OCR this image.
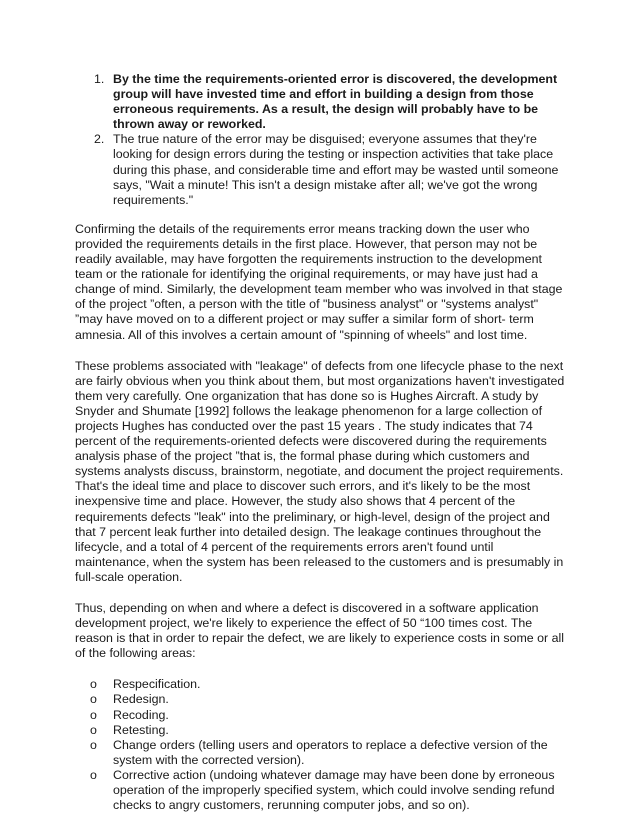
1. By the time the requirements-oriented error is discovered, the development group will have invested time and effort in building a design from those erroneous requirements. As a result, the design will probably have to be thrown away or reworked.
2. The true nature of the error may be disguised; everyone assumes that they're looking for design errors during the testing or inspection activities that take place during this phase, and considerable time and effort may be wasted until someone says, "Wait a minute! This isn't a design mistake after all; we've got the wrong requirements."

Confirming the details of the requirements error means tracking down the user who provided the requirements details in the first place. However, that person may not be readily available, may have forgotten the requirements instruction to the development team or the rationale for identifying the original requirements, or may have just had a change of mind. Similarly, the development team member who was involved in that stage of the project ”often, a person with the title of "business analyst" or "systems analyst" ”may have moved on to a different project or may suffer a similar form of short- term amnesia. All of this involves a certain amount of "spinning of wheels" and lost time.

These problems associated with "leakage" of defects from one lifecycle phase to the next are fairly obvious when you think about them, but most organizations haven't investigated them very carefully. One organization that has done so is Hughes Aircraft. A study by Snyder and Shumate [1992] follows the leakage phenomenon for a large collection of projects Hughes has conducted over the past 15 years . The study indicates that 74 percent of the requirements-oriented defects were discovered during the requirements analysis phase of the project ”that is, the formal phase during which customers and systems analysts discuss, brainstorm, negotiate, and document the project requirements. That's the ideal time and place to discover such errors, and it's likely to be the most inexpensive time and place. However, the study also shows that 4 percent of the requirements defects "leak" into the preliminary, or high-level, design of the project and that 7 percent leak further into detailed design. The leakage continues throughout the lifecycle, and a total of 4 percent of the requirements errors aren't found until maintenance, when the system has been released to the customers and is presumably in full-scale operation.

Thus, depending on when and where a defect is discovered in a software application development project, we're likely to experience the effect of 50 “100 times cost. The reason is that in order to repair the defect, we are likely to experience costs in some or all of the following areas:

o Respecification.
o Redesign.
o Recoding.
o Retesting.
o Change orders (telling users and operators to replace a defective version of the system with the corrected version).
o Corrective action (undoing whatever damage may have been done by erroneous operation of the improperly specified system, which could involve sending refund checks to angry customers, rerunning computer jobs, and so on).
